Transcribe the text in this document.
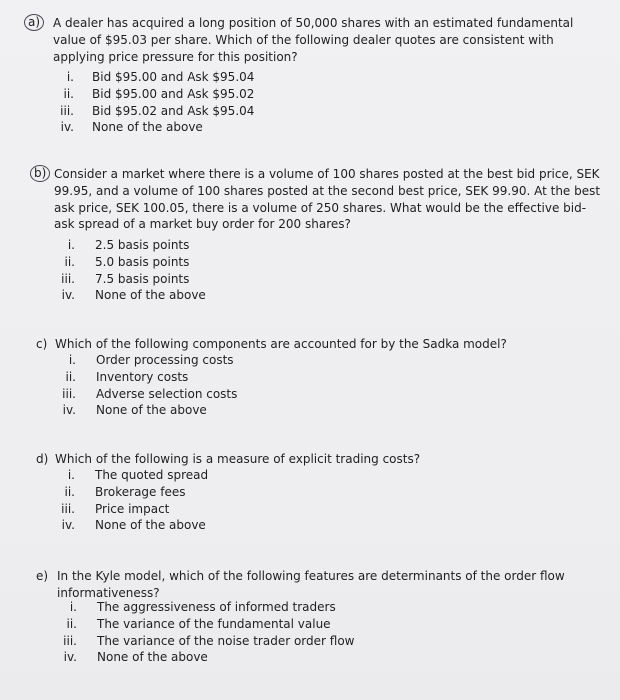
a)	A dealer has acquired a long position of 50,000 shares with an estimated fundamental value of $95.03 per share. Which of the following dealer quotes are consistent with applying price pressure for this position?
i. Bid $95.00 and Ask $95.04
ii. Bid $95.00 and Ask $95.02
iii. Bid $95.02 and Ask $95.04
iv. None of the above
b) Consider a market where there is a volume of 100 shares posted at the best bid price, SEK 99.95, and a volume of 100 shares posted at the second best price, SEK 99.90. At the best ask price, SEK 100.05, there is a volume of 250 shares. What would be the effective bid-ask spread of a market buy order for 200 shares?
i. 2.5 basis points
ii. 5.0 basis points
iii. 7.5 basis points
iv. None of the above
c) Which of the following components are accounted for by the Sadka model?
i. Order processing costs
ii. Inventory costs
iii. Adverse selection costs
iv. None of the above
d) Which of the following is a measure of explicit trading costs?
i. The quoted spread
ii. Brokerage fees
iii. Price impact
iv. None of the above
e) In the Kyle model, which of the following features are determinants of the order flow informativeness?
i. The aggressiveness of informed traders
ii. The variance of the fundamental value
iii. The variance of the noise trader order flow
iv. None of the above
